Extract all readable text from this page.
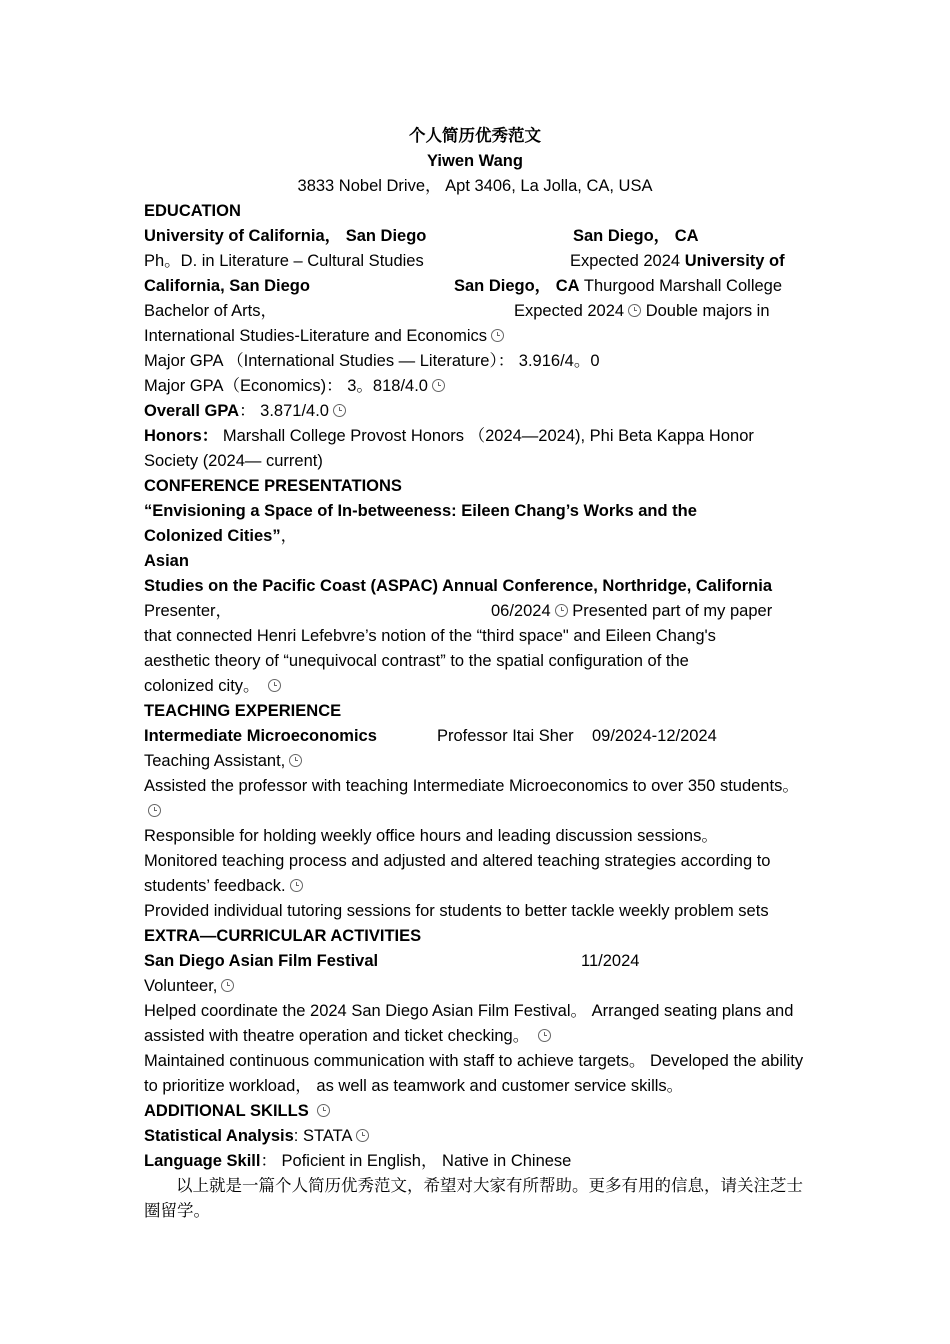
个人简历优秀范文
Yiwen Wang
3833 Nobel Drive， Apt 3406, La Jolla, CA, USA
EDUCATION
University of California， San Diego	San Diego， CA
Ph。D. in Literature – Cultural Studies	Expected 2024 University of
California, San Diego	San Diego， CA Thurgood Marshall College
Bachelor of Arts，	Expected 2024 Double majors in
International Studies-Literature and Economics
Major GPA （International Studies — Literature）： 3.916/4。0
Major GPA（Economics)： 3。818/4.0
Overall GPA： 3.871/4.0
Honors： Marshall College Provost Honors （2024—2024), Phi Beta Kappa Honor Society (2024— current)
CONFERENCE PRESENTATIONS
“Envisioning a Space of In-betweeness: Eileen Chang’s Works and the
Colonized Cities”，
Asian
Studies on the Pacific Coast (ASPAC) Annual Conference, Northridge, California
Presenter，	06/2024 Presented part of my paper
that connected Henri Lefebvre’s notion of the “third space" and Eileen Chang's
aesthetic theory of “unequivocal contrast” to the spatial configuration of the
colonized city。
TEACHING EXPERIENCE
Intermediate Microeconomics	Professor Itai Sher 09/2024-12/2024
Teaching Assistant,
Assisted the professor with teaching Intermediate Microeconomics to over 350 students。
Responsible for holding weekly office hours and leading discussion sessions。
Monitored teaching process and adjusted and altered teaching strategies according to students’ feedback.
Provided individual tutoring sessions for students to better tackle weekly problem sets
EXTRA—CURRICULAR ACTIVITIES
San Diego Asian Film Festival	11/2024
Volunteer,
Helped coordinate the 2024 San Diego Asian Film Festival。 Arranged seating plans and assisted with theatre operation and ticket checking。
Maintained continuous communication with staff to achieve targets。 Developed the ability to prioritize workload， as well as teamwork and customer service skills。
ADDITIONAL SKILLS
Statistical Analysis: STATA
Language Skill： Poficient in English， Native in Chinese
以上就是一篇个人简历优秀范文，希望对大家有所帮助。更多有用的信息，请关注芝士圈留学。
